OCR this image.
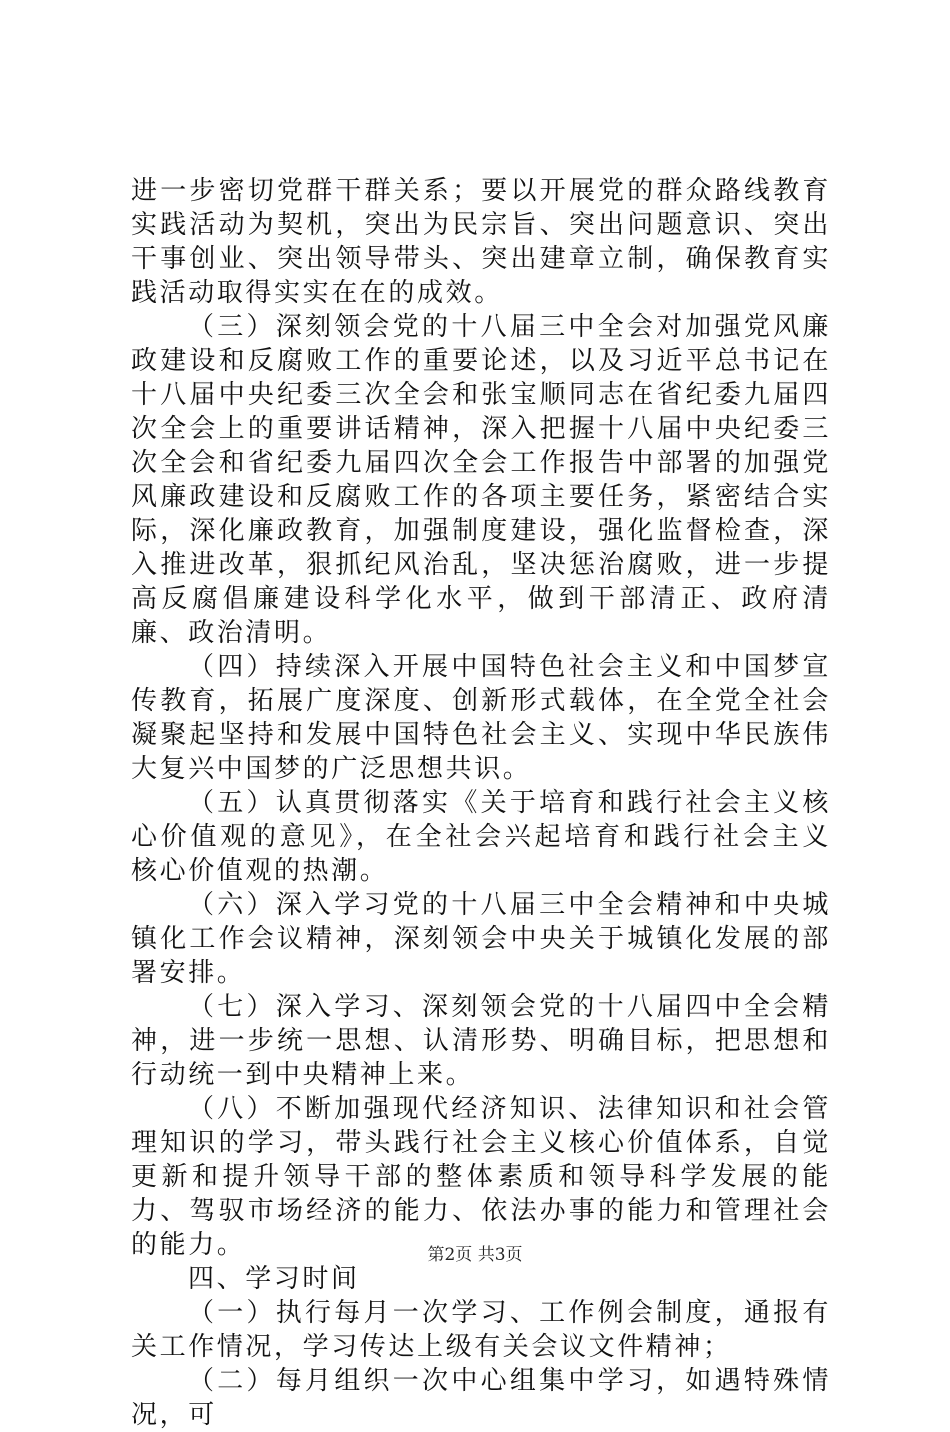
进一步密切党群干群关系；要以开展党的群众路线教育实践活动为契机，突出为民宗旨、突出问题意识、突出干事创业、突出领导带头、突出建章立制，确保教育实践活动取得实实在在的成效。

（三）深刻领会党的十八届三中全会对加强党风廉政建设和反腐败工作的重要论述，以及习近平总书记在十八届中央纪委三次全会和张宝顺同志在省纪委九届四次全会上的重要讲话精神，深入把握十八届中央纪委三次全会和省纪委九届四次全会工作报告中部署的加强党风廉政建设和反腐败工作的各项主要任务，紧密结合实际，深化廉政教育，加强制度建设，强化监督检查，深入推进改革，狠抓纪风治乱，坚决惩治腐败，进一步提高反腐倡廉建设科学化水平，做到干部清正、政府清廉、政治清明。

（四）持续深入开展中国特色社会主义和中国梦宣传教育，拓展广度深度、创新形式载体，在全党全社会凝聚起坚持和发展中国特色社会主义、实现中华民族伟大复兴中国梦的广泛思想共识。

（五）认真贯彻落实《关于培育和践行社会主义核心价值观的意见》，在全社会兴起培育和践行社会主义核心价值观的热潮。

（六）深入学习党的十八届三中全会精神和中央城镇化工作会议精神，深刻领会中央关于城镇化发展的部署安排。

（七）深入学习、深刻领会党的十八届四中全会精神，进一步统一思想、认清形势、明确目标，把思想和行动统一到中央精神上来。

（八）不断加强现代经济知识、法律知识和社会管理知识的学习，带头践行社会主义核心价值体系，自觉更新和提升领导干部的整体素质和领导科学发展的能力、驾驭市场经济的能力、依法办事的能力和管理社会的能力。

四、学习时间

（一）执行每月一次学习、工作例会制度，通报有关工作情况，学习传达上级有关会议文件精神；

（二）每月组织一次中心组集中学习，如遇特殊情况，可

第2页 共3页
